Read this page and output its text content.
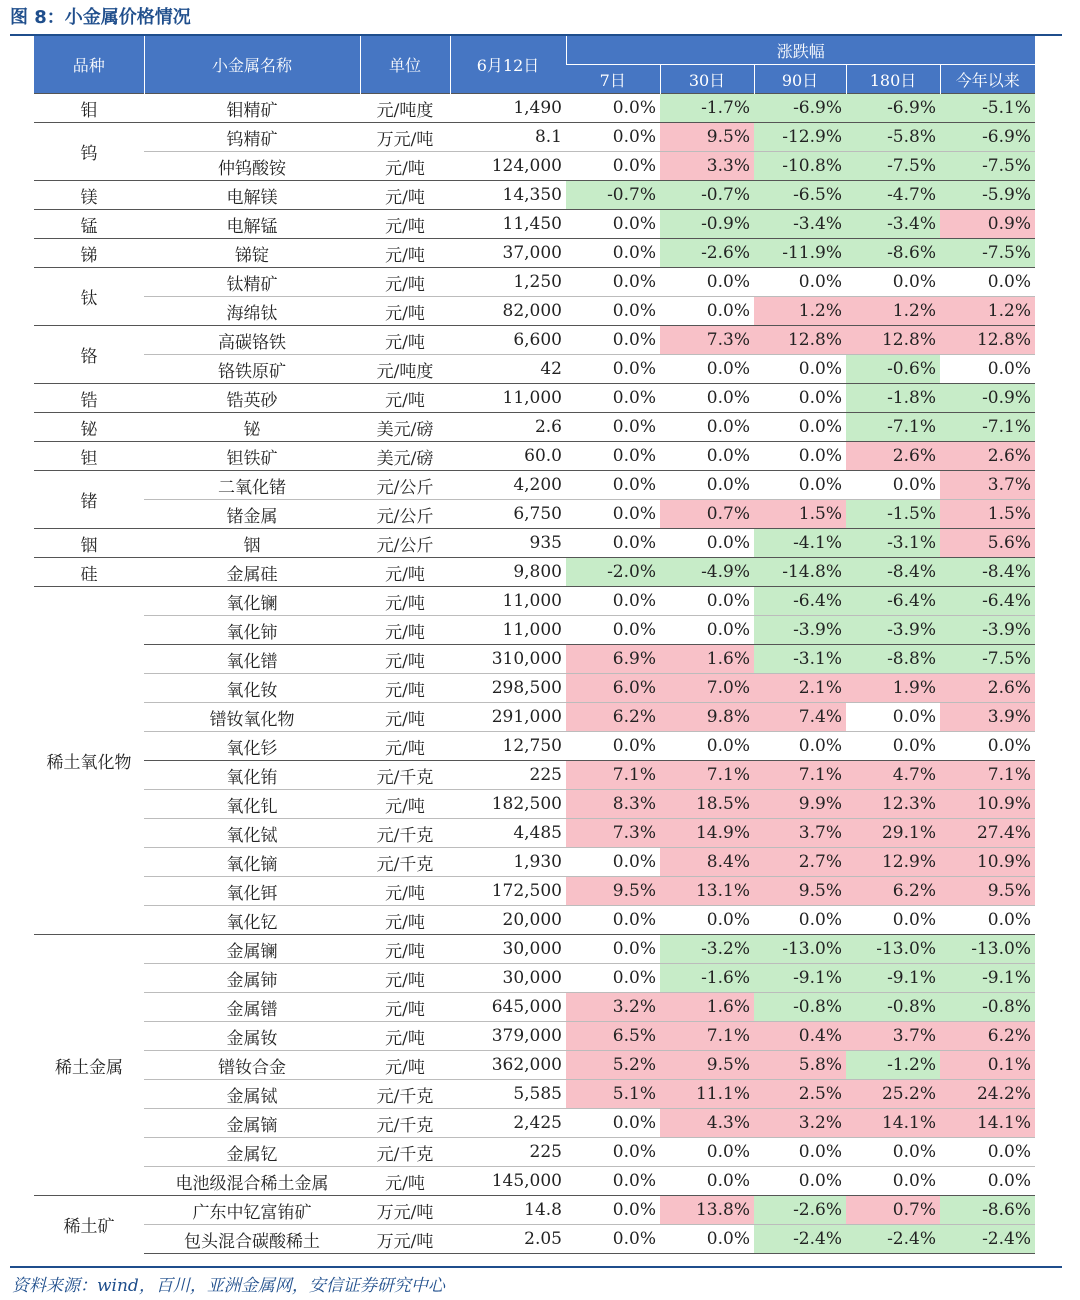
图 8：小金属价格情况
品种	小金属名称	单位	6月12日	涨跌幅				
				7日	30日	90日	180日	今年以来
钼	钼精矿	元/吨度	1,490	0.0%	-1.7%	-6.9%	-6.9%	-5.1%
钨	钨精矿	万元/吨	8.1	0.0%	9.5%	-12.9%	-5.8%	-6.9%
	仲钨酸铵	元/吨	124,000	0.0%	3.3%	-10.8%	-7.5%	-7.5%
镁	电解镁	元/吨	14,350	-0.7%	-0.7%	-6.5%	-4.7%	-5.9%
锰	电解锰	元/吨	11,450	0.0%	-0.9%	-3.4%	-3.4%	0.9%
锑	锑锭	元/吨	37,000	0.0%	-2.6%	-11.9%	-8.6%	-7.5%
钛	钛精矿	元/吨	1,250	0.0%	0.0%	0.0%	0.0%	0.0%
	海绵钛	元/吨	82,000	0.0%	0.0%	1.2%	1.2%	1.2%
铬	高碳铬铁	元/吨	6,600	0.0%	7.3%	12.8%	12.8%	12.8%
	铬铁原矿	元/吨度	42	0.0%	0.0%	0.0%	-0.6%	0.0%
锆	锆英砂	元/吨	11,000	0.0%	0.0%	0.0%	-1.8%	-0.9%
铋	铋	美元/磅	2.6	0.0%	0.0%	0.0%	-7.1%	-7.1%
钽	钽铁矿	美元/磅	60.0	0.0%	0.0%	0.0%	2.6%	2.6%
锗	二氧化锗	元/公斤	4,200	0.0%	0.0%	0.0%	0.0%	3.7%
	锗金属	元/公斤	6,750	0.0%	0.7%	1.5%	-1.5%	1.5%
铟	铟	元/公斤	935	0.0%	0.0%	-4.1%	-3.1%	5.6%
硅	金属硅	元/吨	9,800	-2.0%	-4.9%	-14.8%	-8.4%	-8.4%
稀土氧化物	氧化镧	元/吨	11,000	0.0%	0.0%	-6.4%	-6.4%	-6.4%
	氧化铈	元/吨	11,000	0.0%	0.0%	-3.9%	-3.9%	-3.9%
	氧化镨	元/吨	310,000	6.9%	1.6%	-3.1%	-8.8%	-7.5%
	氧化钕	元/吨	298,500	6.0%	7.0%	2.1%	1.9%	2.6%
	镨钕氧化物	元/吨	291,000	6.2%	9.8%	7.4%	0.0%	3.9%
	氧化钐	元/吨	12,750	0.0%	0.0%	0.0%	0.0%	0.0%
	氧化铕	元/千克	225	7.1%	7.1%	7.1%	4.7%	7.1%
	氧化钆	元/吨	182,500	8.3%	18.5%	9.9%	12.3%	10.9%
	氧化铽	元/千克	4,485	7.3%	14.9%	3.7%	29.1%	27.4%
	氧化镝	元/千克	1,930	0.0%	8.4%	2.7%	12.9%	10.9%
	氧化铒	元/吨	172,500	9.5%	13.1%	9.5%	6.2%	9.5%
	氧化钇	元/吨	20,000	0.0%	0.0%	0.0%	0.0%	0.0%
稀土金属	金属镧	元/吨	30,000	0.0%	-3.2%	-13.0%	-13.0%	-13.0%
	金属铈	元/吨	30,000	0.0%	-1.6%	-9.1%	-9.1%	-9.1%
	金属镨	元/吨	645,000	3.2%	1.6%	-0.8%	-0.8%	-0.8%
	金属钕	元/吨	379,000	6.5%	7.1%	0.4%	3.7%	6.2%
	镨钕合金	元/吨	362,000	5.2%	9.5%	5.8%	-1.2%	0.1%
	金属铽	元/千克	5,585	5.1%	11.1%	2.5%	25.2%	24.2%
	金属镝	元/千克	2,425	0.0%	4.3%	3.2%	14.1%	14.1%
	金属钇	元/千克	225	0.0%	0.0%	0.0%	0.0%	0.0%
	电池级混合稀土金属	元/吨	145,000	0.0%	0.0%	0.0%	0.0%	0.0%
稀土矿	广东中钇富铕矿	万元/吨	14.8	0.0%	13.8%	-2.6%	0.7%	-8.6%
	包头混合碳酸稀土	万元/吨	2.05	0.0%	0.0%	-2.4%	-2.4%	-2.4%
资料来源：wind，百川，亚洲金属网，安信证券研究中心
